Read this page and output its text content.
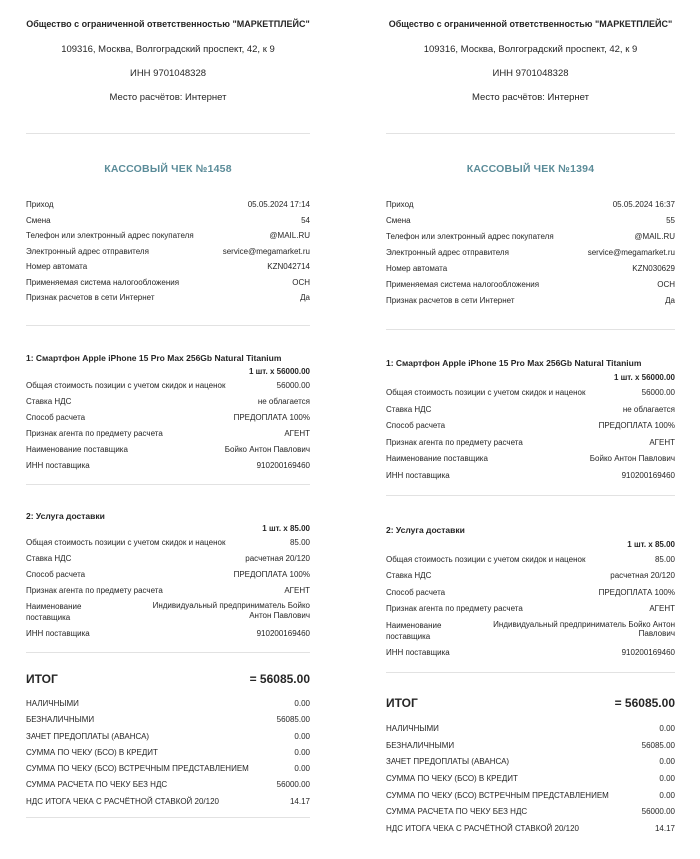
Общество с ограниченной ответственностью "МАРКЕТПЛЕЙС"
109316, Москва, Волгоградский проспект, 42, к 9
ИНН 9701048328
Место расчётов: Интернет
КАССОВЫЙ ЧЕК №1458
Приход	05.05.2024 17:14
Смена	54
Телефон или электронный адрес покупателя	@MAIL.RU
Электронный адрес отправителя	service@megamarket.ru
Номер автомата	KZN042714
Применяемая система налогообложения	ОСН
Признак расчетов в сети Интернет	Да
1: Смартфон Apple iPhone 15 Pro Max 256Gb Natural Titanium
1 шт. х 56000.00
Общая стоимость позиции с учетом скидок и наценок	56000.00
Ставка НДС	не облагается
Способ расчета	ПРЕДОПЛАТА 100%
Признак агента по предмету расчета	АГЕНТ
Наименование поставщика	Бойко Антон Павлович
ИНН поставщика	910200169460
2: Услуга доставки
1 шт. х 85.00
Общая стоимость позиции с учетом скидок и наценок	85.00
Ставка НДС	расчетная 20/120
Способ расчета	ПРЕДОПЛАТА 100%
Признак агента по предмету расчета	АГЕНТ
Наименование поставщика
Индивидуальный предприниматель Бойко Антон Павлович
ИНН поставщика	910200169460
ИТОГ	= 56085.00
НАЛИЧНЫМИ	0.00
БЕЗНАЛИЧНЫМИ	56085.00
ЗАЧЕТ ПРЕДОПЛАТЫ (АВАНСА)	0.00
СУММА ПО ЧЕКУ (БСО) В КРЕДИТ	0.00
СУММА ПО ЧЕКУ (БСО) ВСТРЕЧНЫМ ПРЕДСТАВЛЕНИЕМ	0.00
СУММА РАСЧЕТА ПО ЧЕКУ БЕЗ НДС	56000.00
НДС ИТОГА ЧЕКА С РАСЧЁТНОЙ СТАВКОЙ 20/120	14.17
Общество с ограниченной ответственностью "МАРКЕТПЛЕЙС"
109316, Москва, Волгоградский проспект, 42, к 9
ИНН 9701048328
Место расчётов: Интернет
КАССОВЫЙ ЧЕК №1394
Приход	05.05.2024 16:37
Смена	55
Телефон или электронный адрес покупателя	@MAIL.RU
Электронный адрес отправителя	service@megamarket.ru
Номер автомата	KZN030629
Применяемая система налогообложения	ОСН
Признак расчетов в сети Интернет	Да
1: Смартфон Apple iPhone 15 Pro Max 256Gb Natural Titanium
1 шт. х 56000.00
Общая стоимость позиции с учетом скидок и наценок	56000.00
Ставка НДС	не облагается
Способ расчета	ПРЕДОПЛАТА 100%
Признак агента по предмету расчета	АГЕНТ
Наименование поставщика	Бойко Антон Павлович
ИНН поставщика	910200169460
2: Услуга доставки
1 шт. х 85.00
Общая стоимость позиции с учетом скидок и наценок	85.00
Ставка НДС	расчетная 20/120
Способ расчета	ПРЕДОПЛАТА 100%
Признак агента по предмету расчета	АГЕНТ
Наименование поставщика
Индивидуальный предприниматель Бойко Антон Павлович
ИНН поставщика	910200169460
ИТОГ	= 56085.00
НАЛИЧНЫМИ	0.00
БЕЗНАЛИЧНЫМИ	56085.00
ЗАЧЕТ ПРЕДОПЛАТЫ (АВАНСА)	0.00
СУММА ПО ЧЕКУ (БСО) В КРЕДИТ	0.00
СУММА ПО ЧЕКУ (БСО) ВСТРЕЧНЫМ ПРЕДСТАВЛЕНИЕМ	0.00
СУММА РАСЧЕТА ПО ЧЕКУ БЕЗ НДС	56000.00
НДС ИТОГА ЧЕКА С РАСЧЁТНОЙ СТАВКОЙ 20/120	14.17
